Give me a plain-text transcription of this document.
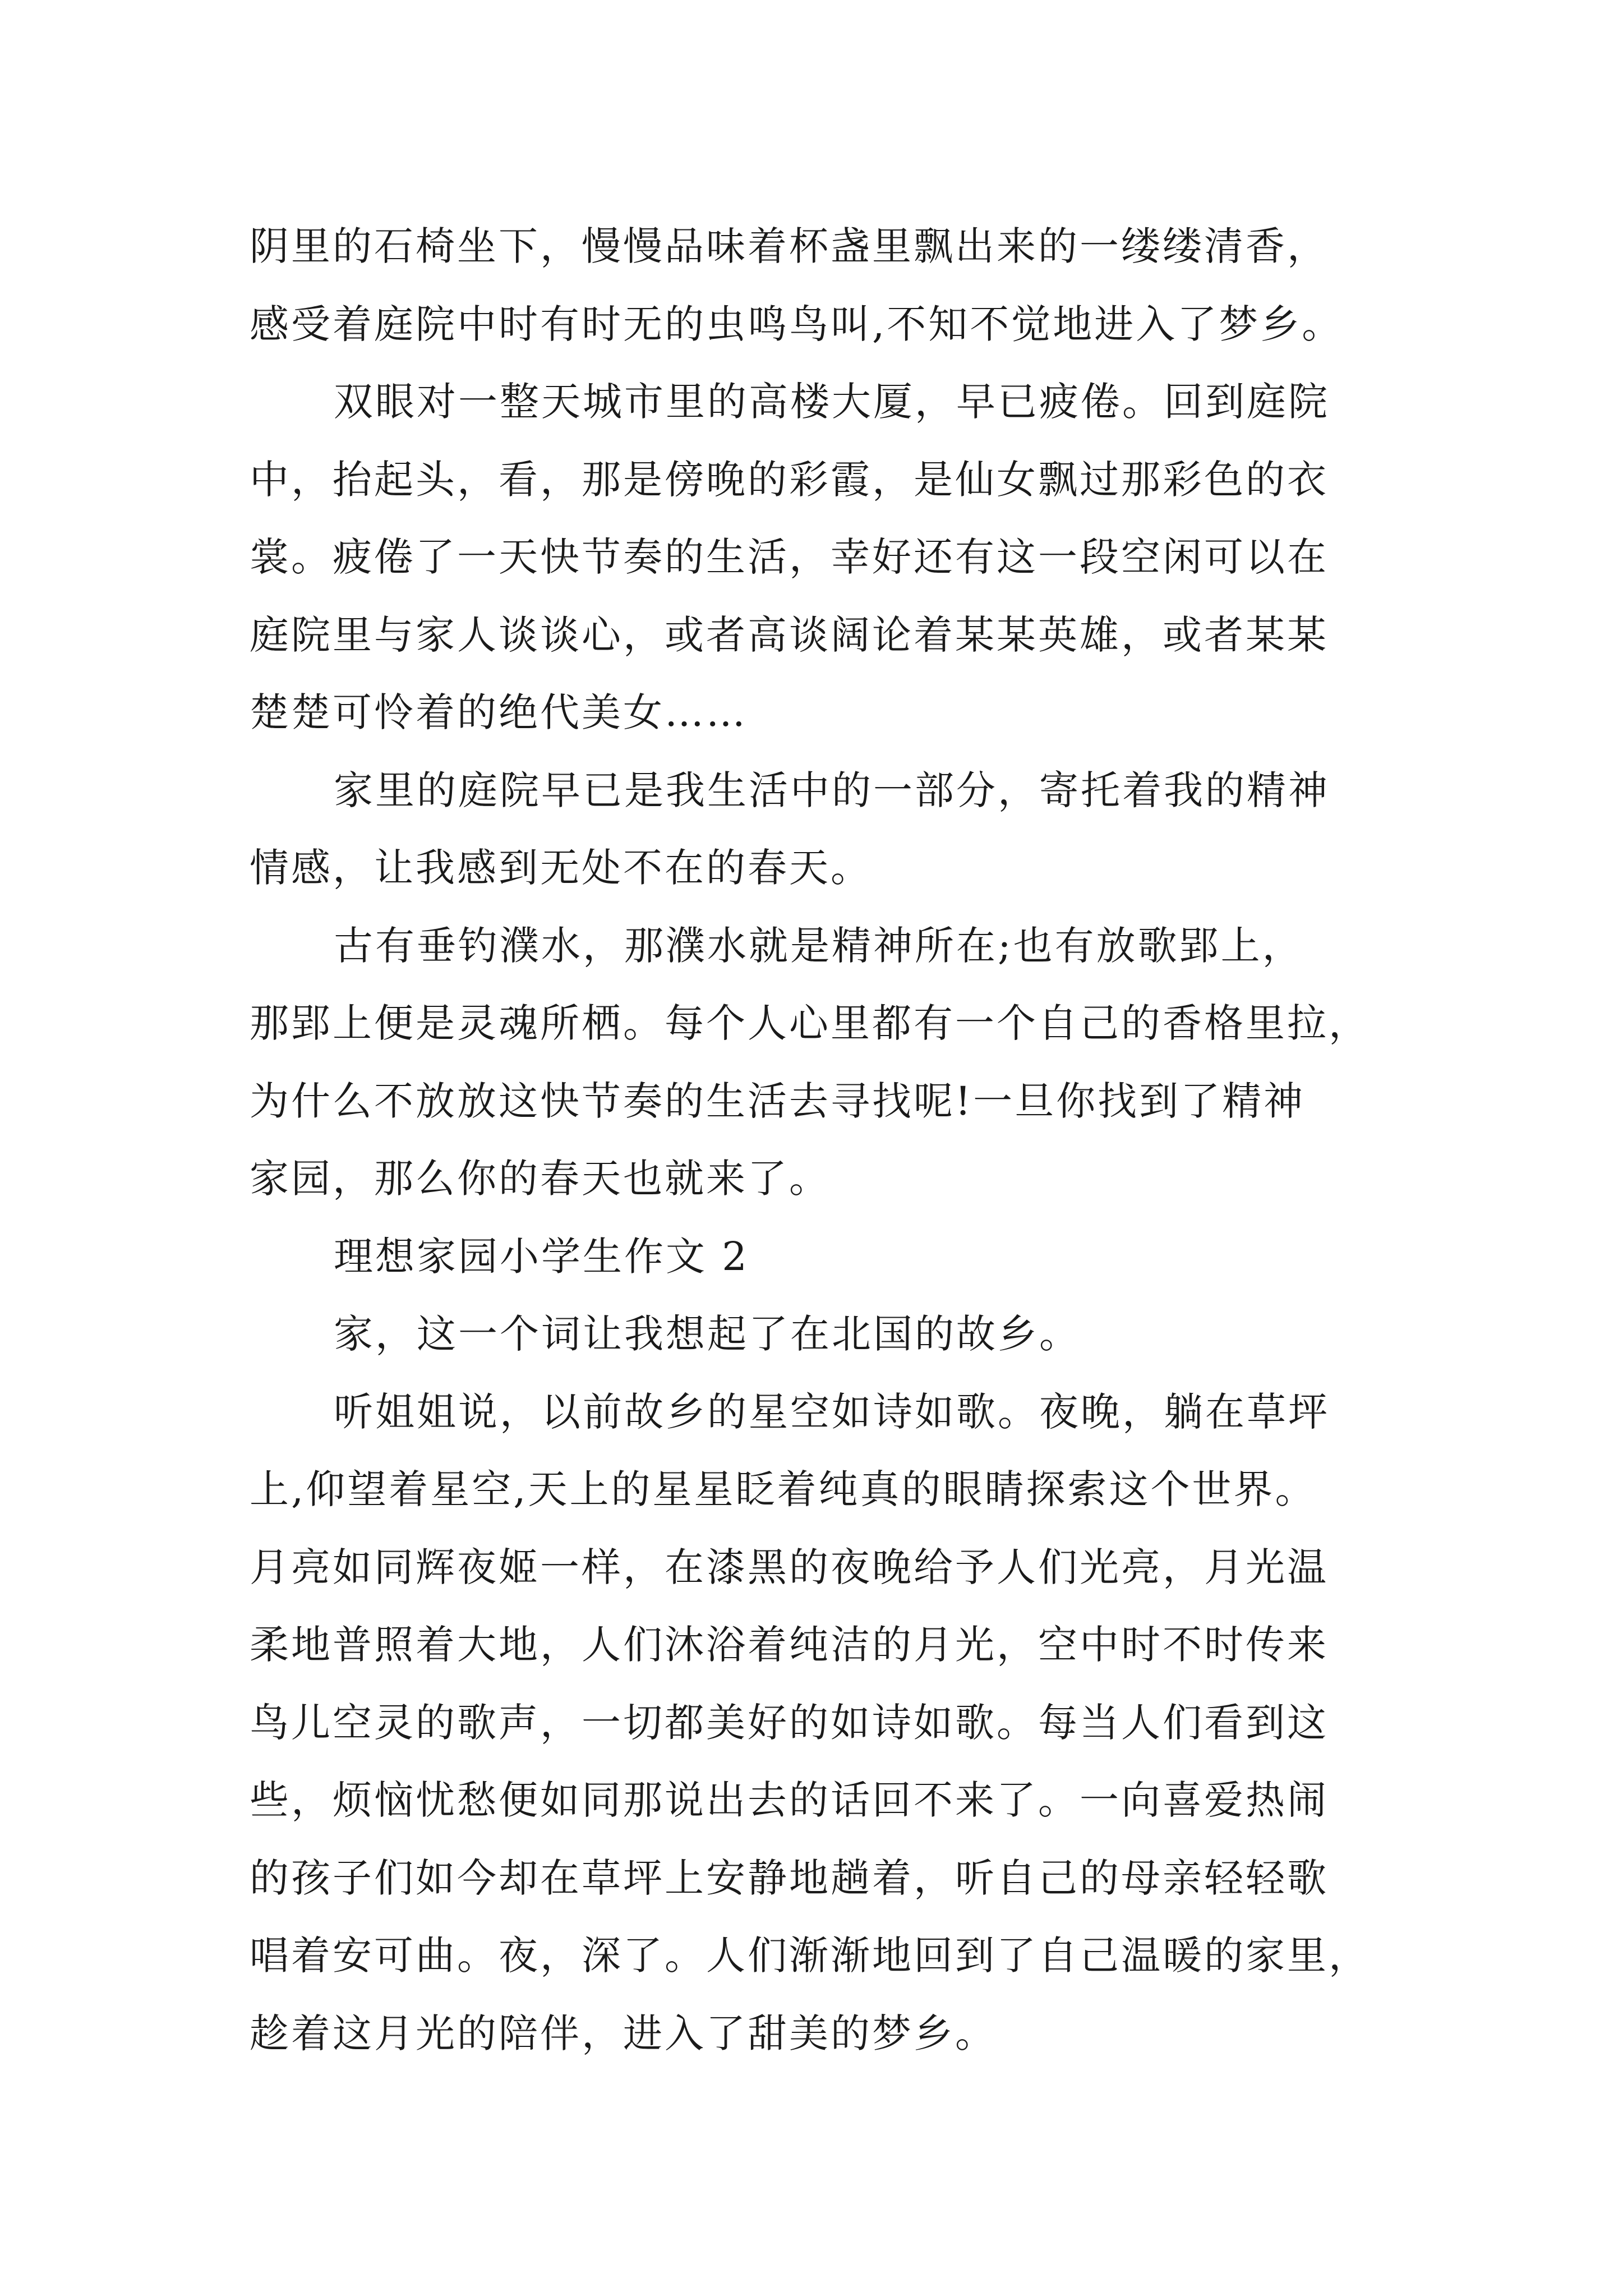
阴里的石椅坐下，慢慢品味着杯盏里飘出来的一缕缕清香，
感受着庭院中时有时无的虫鸣鸟叫,不知不觉地进入了梦乡。
双眼对一整天城市里的高楼大厦，早已疲倦。回到庭院
中，抬起头，看，那是傍晚的彩霞，是仙女飘过那彩色的衣
裳。疲倦了一天快节奏的生活，幸好还有这一段空闲可以在
庭院里与家人谈谈心，或者高谈阔论着某某英雄，或者某某
楚楚可怜着的绝代美女……
家里的庭院早已是我生活中的一部分，寄托着我的精神
情感，让我感到无处不在的春天。
古有垂钓濮水，那濮水就是精神所在;也有放歌郢上，
那郢上便是灵魂所栖。每个人心里都有一个自己的香格里拉，
为什么不放放这快节奏的生活去寻找呢!一旦你找到了精神
家园，那么你的春天也就来了。
理想家园小学生作文 2
家，这一个词让我想起了在北国的故乡。
听姐姐说，以前故乡的星空如诗如歌。夜晚，躺在草坪
上,仰望着星空,天上的星星眨着纯真的眼睛探索这个世界。
月亮如同辉夜姬一样，在漆黑的夜晚给予人们光亮，月光温
柔地普照着大地，人们沐浴着纯洁的月光，空中时不时传来
鸟儿空灵的歌声，一切都美好的如诗如歌。每当人们看到这
些，烦恼忧愁便如同那说出去的话回不来了。一向喜爱热闹
的孩子们如今却在草坪上安静地趟着，听自己的母亲轻轻歌
唱着安可曲。夜，深了。人们渐渐地回到了自己温暖的家里，
趁着这月光的陪伴，进入了甜美的梦乡。
